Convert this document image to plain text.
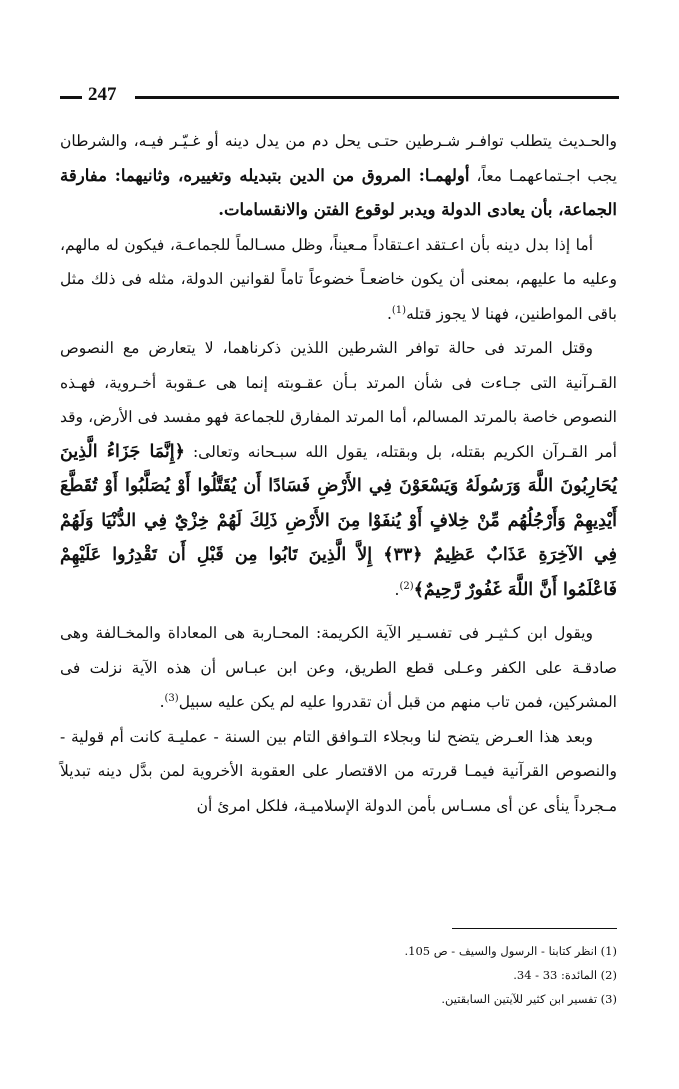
247

والحـديث يتطلب توافـر شـرطين حتـى يحل دم من يدل دينه أو غـيّـر فيـه، والشرطان يجب اجـتماعهمـا معاً، أولهمـا: المروق من الدين بتبديله وتغييره، وثانيهما: مفارقة الجماعة، بأن يعادى الدولة ويدبر لوقوع الفتن والانقسامات.

أما إذا بدل دينه بأن اعـتقد اعـتقاداً مـعيناً، وظل مسـالماً للجماعـة، فيكون له مالهم، وعليه ما عليهم، بمعنى أن يكون خاضعـاً خضوعاً تاماً لقوانين الدولة، مثله فى ذلك مثل باقى المواطنين، فهنا لا يجوز قتله$^{(1)}$.

وقتل المرتد فى حالة توافر الشرطين اللذين ذكرناهما، لا يتعارض مع النصوص القـرآنية التى جـاءت فى شأن المرتد بـأن عقـوبته إنما هى عـقوبة أخـروية، فهـذه النصوص خاصة بالمرتد المسالم، أما المرتد المفارق للجماعة فهو مفسد فى الأرض، وقد أمر القـرآن الكريم بقتله، بل وبقتله، يقول الله سبـحانه وتعالى: ﴿إِنَّمَا جَزَاءُ الَّذِينَ يُحَارِبُونَ اللَّهَ وَرَسُولَهُ وَيَسْعَوْنَ فِي الأَرْضِ فَسَادًا أَن يُقَتَّلُوا أَوْ يُصَلَّبُوا أَوْ تُقَطَّعَ أَيْدِيهِمْ وَأَرْجُلُهُم مِّنْ خِلافٍ أَوْ يُنفَوْا مِنَ الأَرْضِ ذَلِكَ لَهُمْ خِزْيٌ فِي الدُّنْيَا وَلَهُمْ فِي الآخِرَةِ عَذَابٌ عَظِيمٌ ﴿٣٣﴾ إِلاَّ الَّذِينَ تَابُوا مِن قَبْلِ أَن تَقْدِرُوا عَلَيْهِمْ فَاعْلَمُوا أَنَّ اللَّهَ غَفُورٌ رَّحِيمٌ﴾$^{(2)}$.

ويقول ابن كـثيـر فى تفسـير الآية الكريمة: المحـاربة هى المعاداة والمخـالفة وهى صادقـة على الكفر وعـلى قطع الطريق، وعن ابن عبـاس أن هذه الآية نزلت فى المشركين، فمن تاب منهم من قبل أن تقدروا عليه لم يكن عليه سبيل$^{(3)}$.

وبعد هذا العـرض يتضح لنا وبجلاء التـوافق التام بين السنة - عمليـة كانت أم قولية - والنصوص القرآنية فيمـا قررته من الاقتصار على العقوبة الأخروية لمن بدَّل دينه تبديلاً مـجرداً ينأى عن أى مسـاس بأمن الدولة الإسلاميـة، فلكل امرئ أن

(1) انظر كتابنا - الرسول والسيف - ص 105.

(2) المائدة: 33 - 34.

(3) تفسير ابن كثير للآيتين السابقتين.
